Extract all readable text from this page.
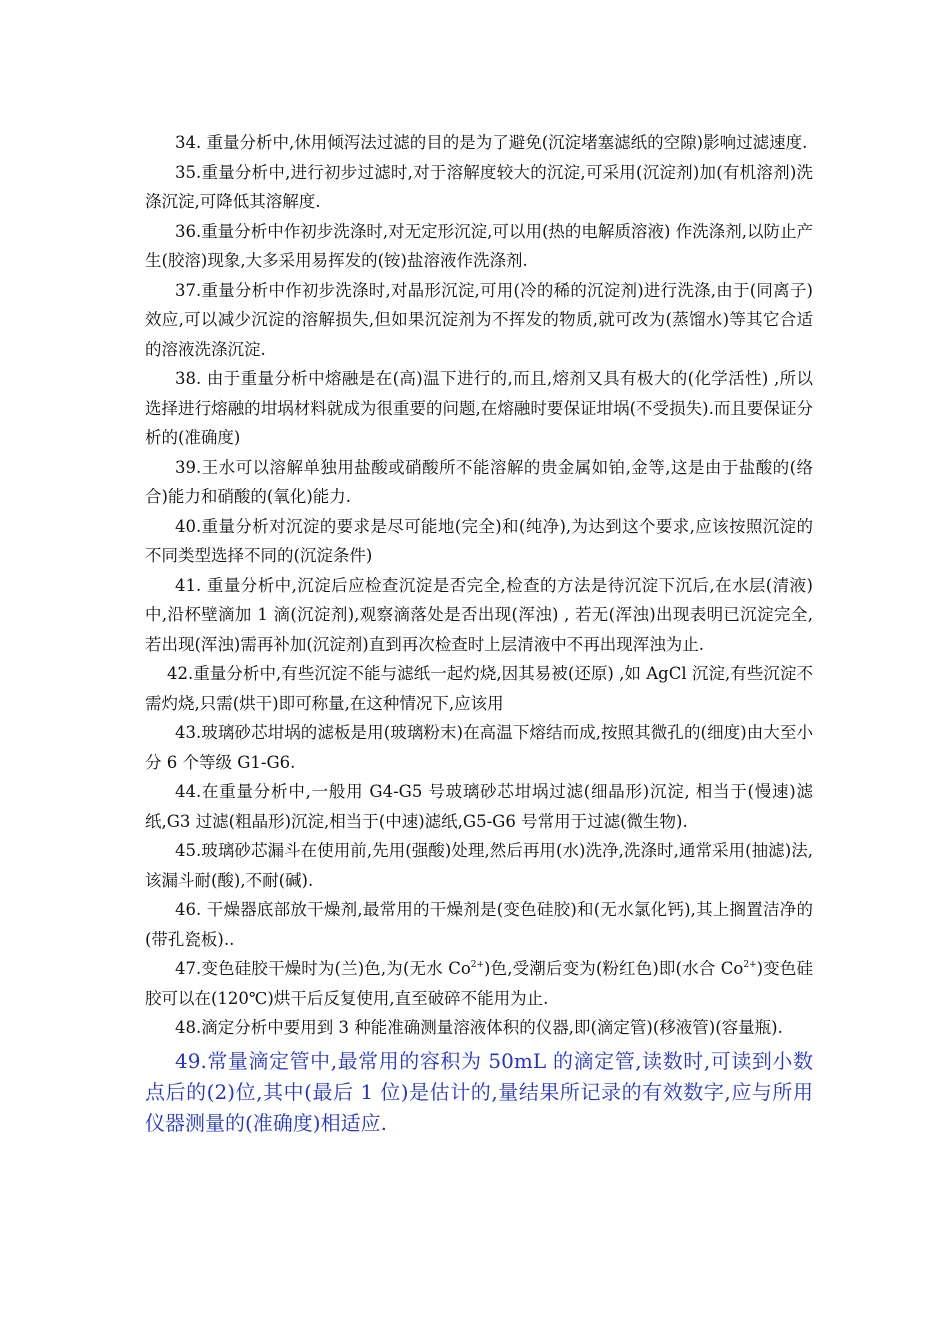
34. 重量分析中,休用倾泻法过滤的目的是为了避免(沉淀堵塞滤纸的空隙)影响过滤速度.

35.重量分析中,进行初步过滤时,对于溶解度较大的沉淀,可采用(沉淀剂)加(有机溶剂)洗涤沉淀,可降低其溶解度.

36.重量分析中作初步洗涤时,对无定形沉淀,可以用(热的电解质溶液) 作洗涤剂,以防止产生(胶溶)现象,大多采用易挥发的(铵)盐溶液作洗涤剂.

37.重量分析中作初步洗涤时,对晶形沉淀,可用(冷的稀的沉淀剂)进行洗涤,由于(同离子)效应,可以减少沉淀的溶解损失,但如果沉淀剂为不挥发的物质,就可改为(蒸馏水)等其它合适的溶液洗涤沉淀.

38. 由于重量分析中熔融是在(高)温下进行的,而且,熔剂又具有极大的(化学活性) ,所以选择进行熔融的坩埚材料就成为很重要的问题,在熔融时要保证坩埚(不受损失).而且要保证分析的(准确度)

39.王水可以溶解单独用盐酸或硝酸所不能溶解的贵金属如铂,金等,这是由于盐酸的(络合)能力和硝酸的(氧化)能力.

40.重量分析对沉淀的要求是尽可能地(完全)和(纯净),为达到这个要求,应该按照沉淀的不同类型选择不同的(沉淀条件)

41. 重量分析中,沉淀后应检查沉淀是否完全,检查的方法是待沉淀下沉后,在水层(清液)中,沿杯壁滴加 1 滴(沉淀剂),观察滴落处是否出现(浑浊) , 若无(浑浊)出现表明已沉淀完全,若出现(浑浊)需再补加(沉淀剂)直到再次检查时上层清液中不再出现浑浊为止.

42.重量分析中,有些沉淀不能与滤纸一起灼烧,因其易被(还原) ,如 AgCl 沉淀,有些沉淀不需灼烧,只需(烘干)即可称量,在这种情况下,应该用

43.玻璃砂芯坩埚的滤板是用(玻璃粉末)在高温下熔结而成,按照其微孔的(细度)由大至小分 6 个等级 G1-G6.

44.在重量分析中,一般用 G4-G5 号玻璃砂芯坩埚过滤(细晶形)沉淀, 相当于(慢速)滤纸,G3 过滤(粗晶形)沉淀,相当于(中速)滤纸,G5-G6 号常用于过滤(微生物).

45.玻璃砂芯漏斗在使用前,先用(强酸)处理,然后再用(水)洗净,洗涤时,通常采用(抽滤)法,该漏斗耐(酸),不耐(碱).

46. 干燥器底部放干燥剂,最常用的干燥剂是(变色硅胶)和(无水氯化钙),其上搁置洁净的(带孔瓷板)..

47.变色硅胶干燥时为(兰)色,为(无水 $Co^{2+}$)色,受潮后变为(粉红色)即(水合 $Co^{2+}$)变色硅胶可以在(120℃)烘干后反复使用,直至破碎不能用为止.

48.滴定分析中要用到 3 种能准确测量溶液体积的仪器,即(滴定管)(移液管)(容量瓶).

49.常量滴定管中,最常用的容积为 50mL 的滴定管,读数时,可读到小数点后的(2)位,其中(最后 1 位)是估计的,量结果所记录的有效数字,应与所用仪器测量的(准确度)相适应.
